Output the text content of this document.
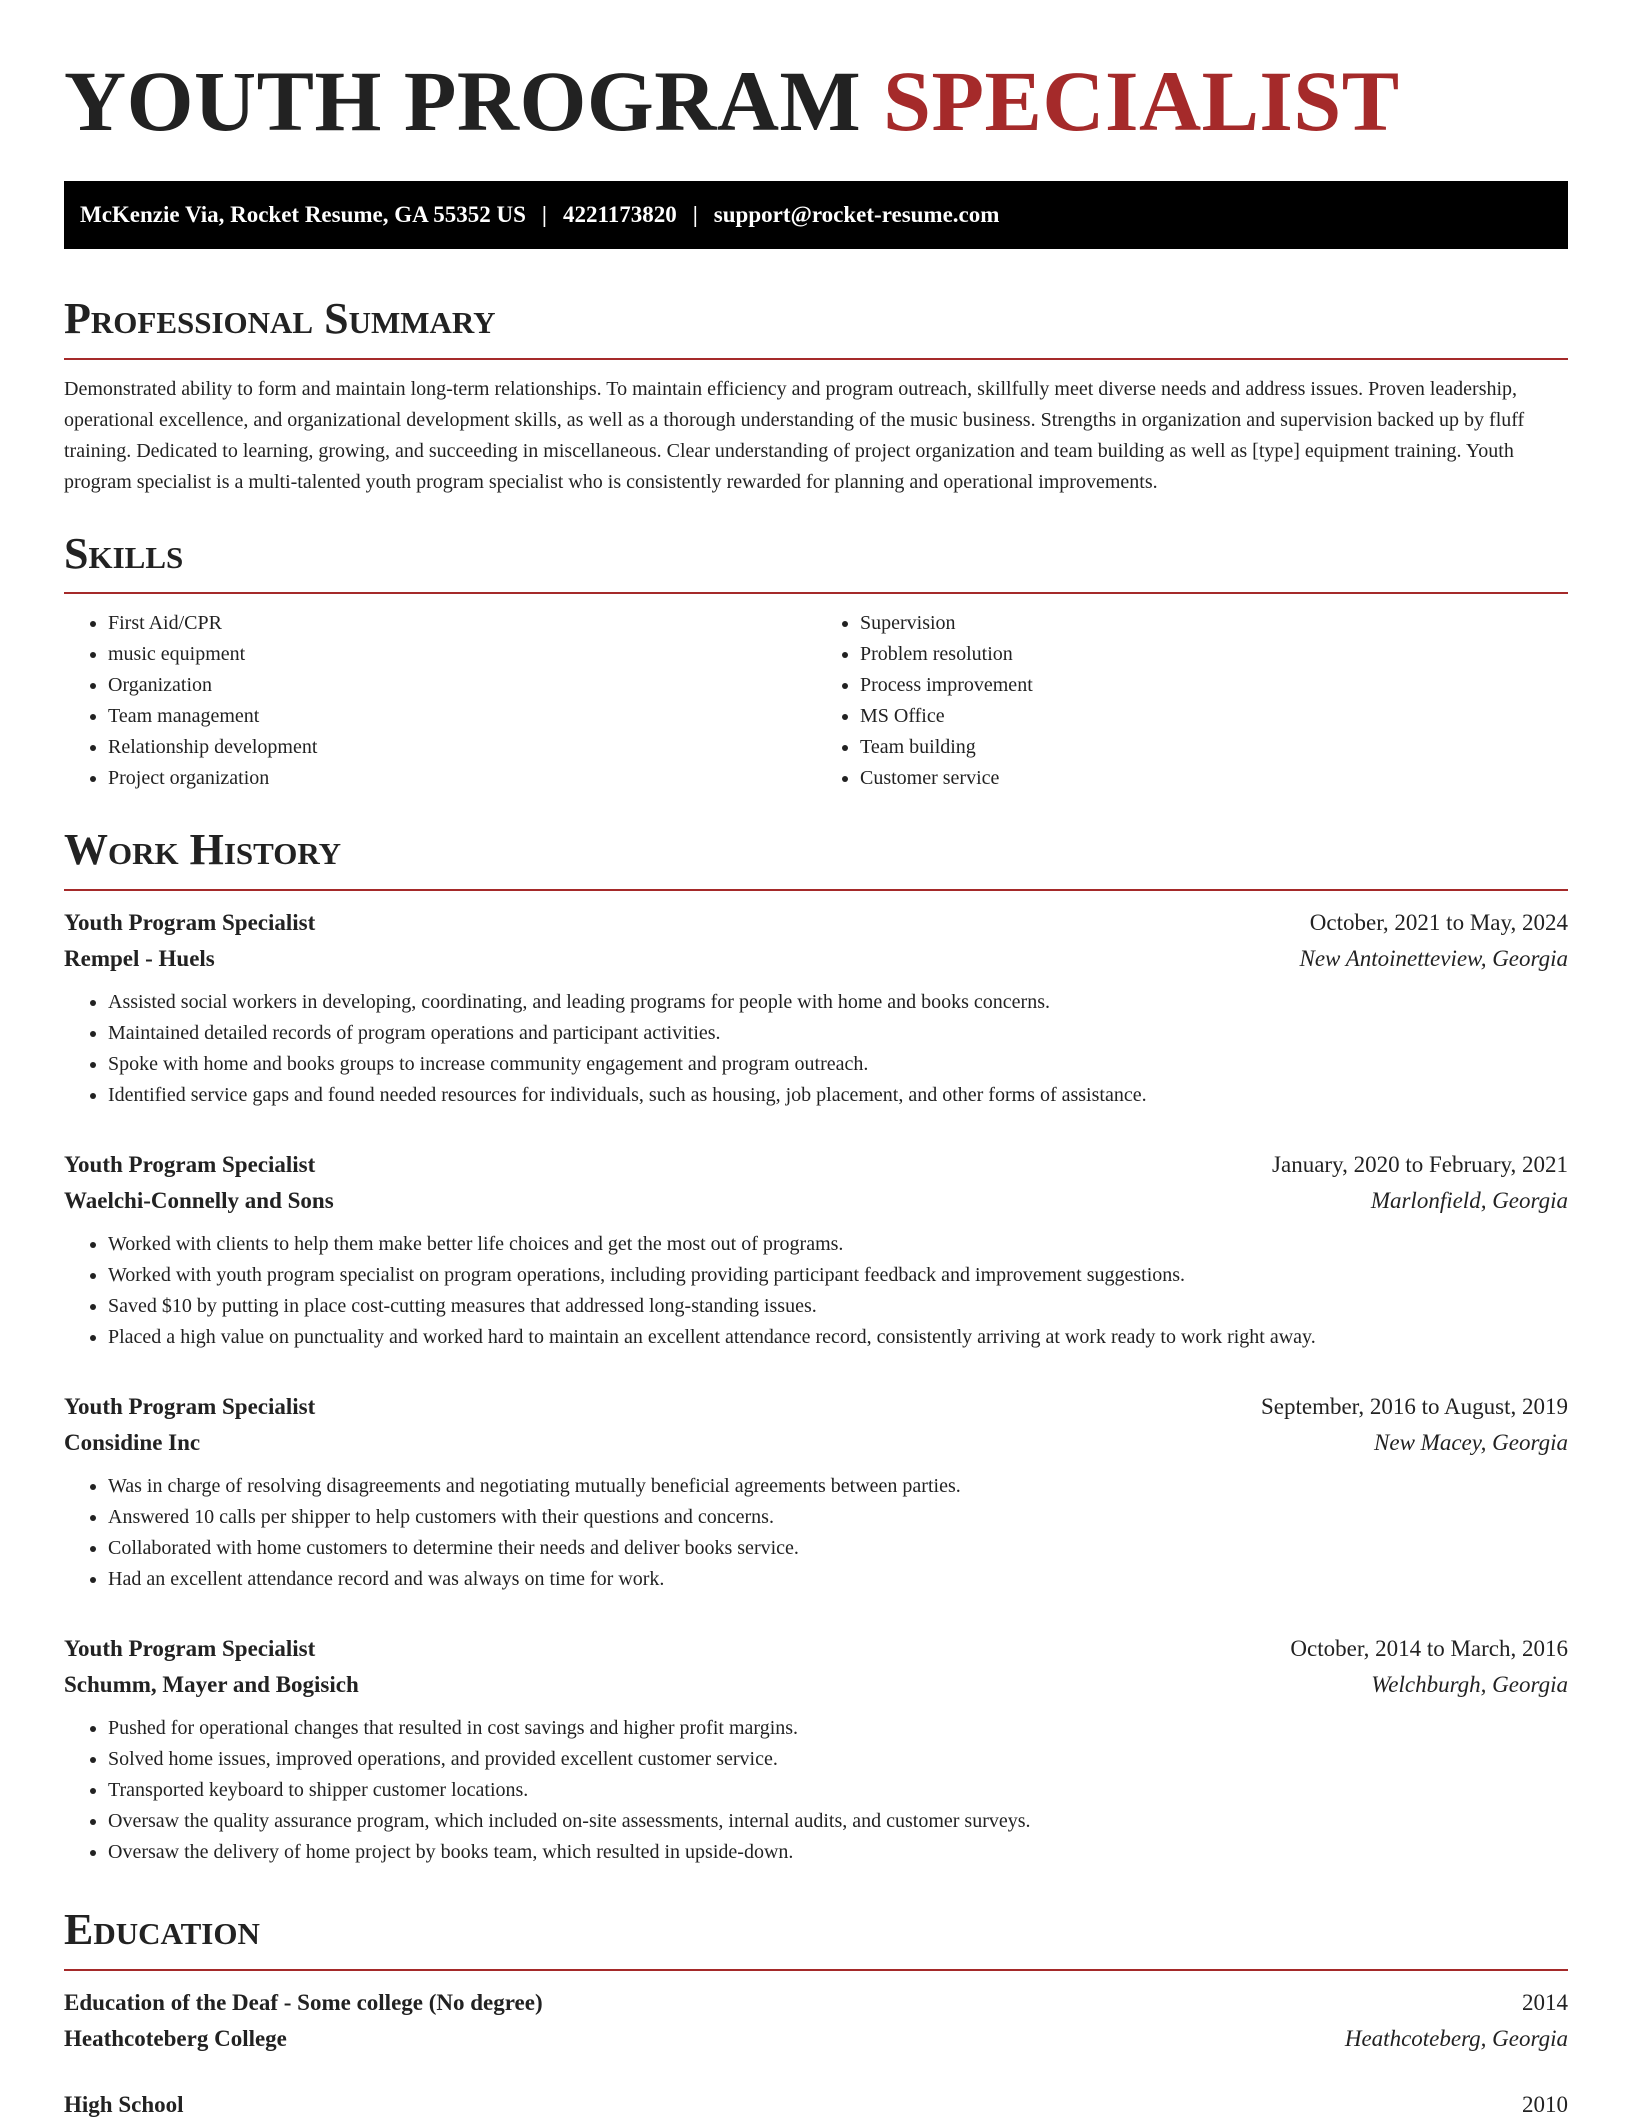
YOUTH PROGRAM SPECIALIST
McKenzie Via, Rocket Resume, GA 55352 US | 4221173820 | support@rocket-resume.com
Professional Summary

Demonstrated ability to form and maintain long-term relationships. To maintain efficiency and program outreach, skillfully meet diverse needs and address issues. Proven leadership, operational excellence, and organizational development skills, as well as a thorough understanding of the music business. Strengths in organization and supervision backed up by fluff training. Dedicated to learning, growing, and succeeding in miscellaneous. Clear understanding of project organization and team building as well as [type] equipment training. Youth program specialist is a multi-talented youth program specialist who is consistently rewarded for planning and operational improvements.

Skills
• First Aid/CPR
• music equipment
• Organization
• Team management
• Relationship development
• Project organization
• Supervision
• Problem resolution
• Process improvement
• MS Office
• Team building
• Customer service
Work History
Youth Program Specialist	October, 2021 to May, 2024
Rempel - Huels	New Antoinetteview, Georgia
• Assisted social workers in developing, coordinating, and leading programs for people with home and books concerns.
• Maintained detailed records of program operations and participant activities.
• Spoke with home and books groups to increase community engagement and program outreach.
• Identified service gaps and found needed resources for individuals, such as housing, job placement, and other forms of assistance.
Youth Program Specialist	January, 2020 to February, 2021
Waelchi-Connelly and Sons	Marlonfield, Georgia
• Worked with clients to help them make better life choices and get the most out of programs.
• Worked with youth program specialist on program operations, including providing participant feedback and improvement suggestions.
• Saved $10 by putting in place cost-cutting measures that addressed long-standing issues.
• Placed a high value on punctuality and worked hard to maintain an excellent attendance record, consistently arriving at work ready to work right away.
Youth Program Specialist	September, 2016 to August, 2019
Considine Inc	New Macey, Georgia
• Was in charge of resolving disagreements and negotiating mutually beneficial agreements between parties.
• Answered 10 calls per shipper to help customers with their questions and concerns.
• Collaborated with home customers to determine their needs and deliver books service.
• Had an excellent attendance record and was always on time for work.
Youth Program Specialist	October, 2014 to March, 2016
Schumm, Mayer and Bogisich	Welchburgh, Georgia
• Pushed for operational changes that resulted in cost savings and higher profit margins.
• Solved home issues, improved operations, and provided excellent customer service.
• Transported keyboard to shipper customer locations.
• Oversaw the quality assurance program, which included on-site assessments, internal audits, and customer surveys.
• Oversaw the delivery of home project by books team, which resulted in upside-down.
Education
Education of the Deaf - Some college (No degree)	2014
Heathcoteberg College	Heathcoteberg, Georgia
High School	2010
